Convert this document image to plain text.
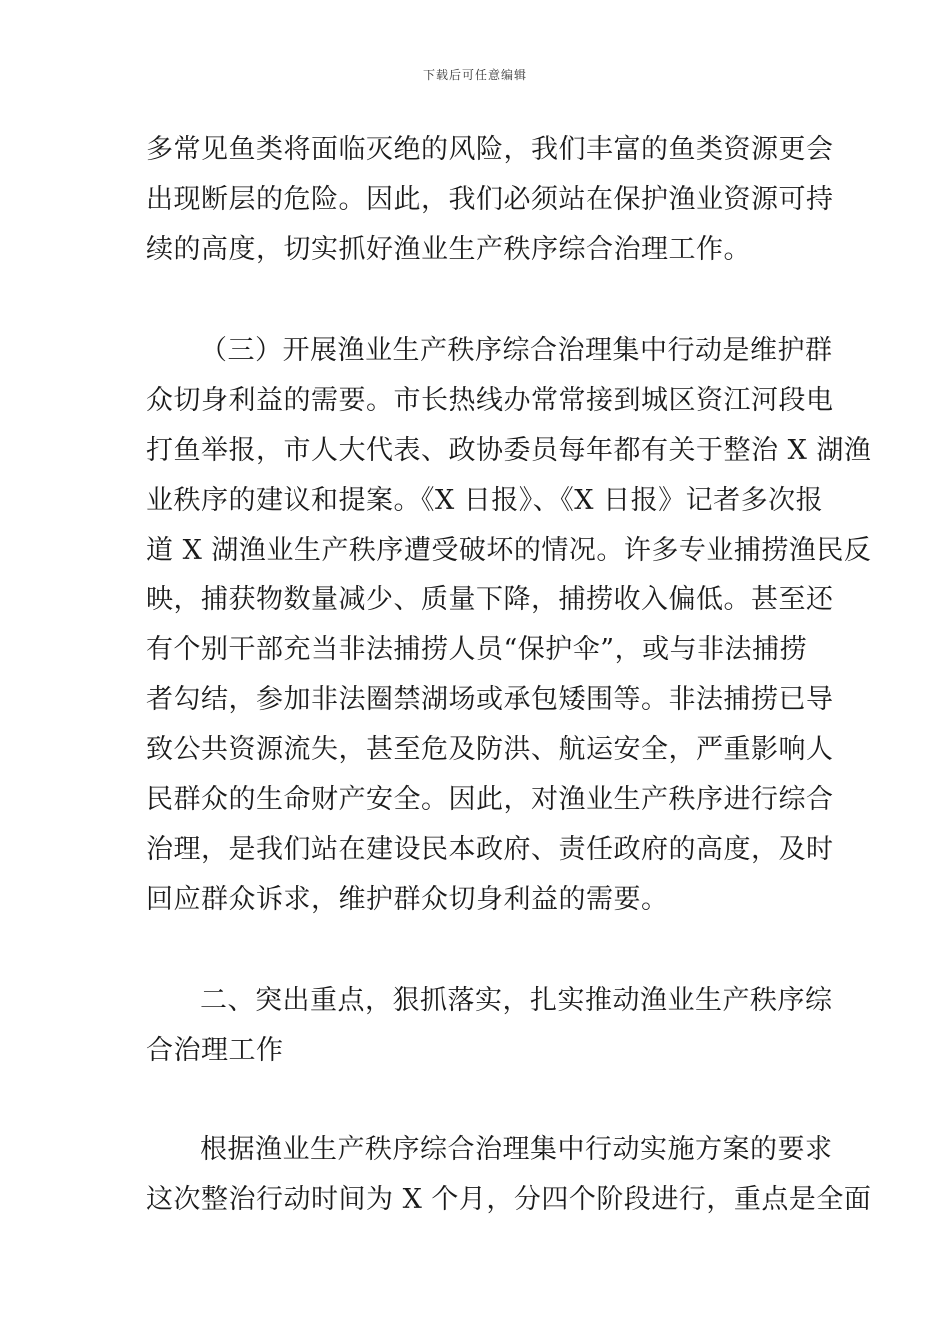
下载后可任意编辑
多常见鱼类将面临灭绝的风险，我们丰富的鱼类资源更会
出现断层的危险。因此，我们必须站在保护渔业资源可持
续的高度，切实抓好渔业生产秩序综合治理工作。
（三）开展渔业生产秩序综合治理集中行动是维护群
众切身利益的需要。市长热线办常常接到城区资江河段电
打鱼举报，市人大代表、政协委员每年都有关于整治 X 湖渔
业秩序的建议和提案。《X 日报》、《X 日报》记者多次报
道 X 湖渔业生产秩序遭受破坏的情况。许多专业捕捞渔民反
映，捕获物数量减少、质量下降，捕捞收入偏低。甚至还
有个别干部充当非法捕捞人员“保护伞”，或与非法捕捞
者勾结，参加非法圈禁湖场或承包矮围等。非法捕捞已导
致公共资源流失，甚至危及防洪、航运安全，严重影响人
民群众的生命财产安全。因此，对渔业生产秩序进行综合
治理，是我们站在建设民本政府、责任政府的高度，及时
回应群众诉求，维护群众切身利益的需要。
二、突出重点，狠抓落实，扎实推动渔业生产秩序综
合治理工作
根据渔业生产秩序综合治理集中行动实施方案的要求
这次整治行动时间为 X 个月，分四个阶段进行，重点是全面
